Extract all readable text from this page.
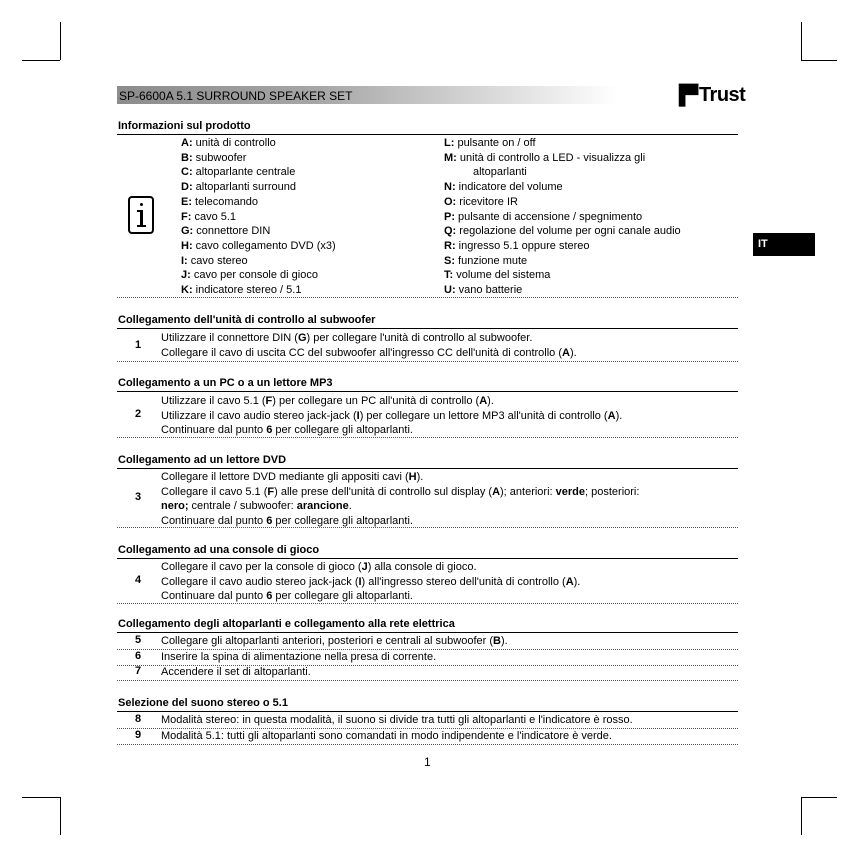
SP-6600A 5.1 SURROUND SPEAKER SET	▐▀Trust
IT
Informazioni sul prodotto
A: unità di controllo
B: subwoofer
C: altoparlante centrale
D: altoparlanti surround
E: telecomando
F: cavo 5.1
G: connettore DIN
H: cavo collegamento DVD (x3)
I: cavo stereo
J: cavo per console di gioco
K: indicatore stereo / 5.1
L: pulsante on / off
M: unità di controllo a LED - visualizza gli
altoparlanti
N: indicatore del volume
O: ricevitore IR
P: pulsante di accensione / spegnimento
Q: regolazione del volume per ogni canale audio
R: ingresso 5.1 oppure stereo
S: funzione mute
T: volume del sistema
U: vano batterie
Collegamento dell'unità di controllo al subwoofer
1
Utilizzare il connettore DIN (G) per collegare l'unità di controllo al subwoofer.
Collegare il cavo di uscita CC del subwoofer all'ingresso CC dell'unità di controllo (A).
Collegamento a un PC o a un lettore MP3
2
Utilizzare il cavo 5.1 (F) per collegare un PC all'unità di controllo (A).
Utilizzare il cavo audio stereo jack-jack (I) per collegare un lettore MP3 all'unità di controllo (A).
Continuare dal punto 6 per collegare gli altoparlanti.
Collegamento ad un lettore DVD
3
Collegare il lettore DVD mediante gli appositi cavi (H).
Collegare il cavo 5.1 (F) alle prese dell'unità di controllo sul display (A); anteriori: verde; posteriori:
nero; centrale / subwoofer: arancione.
Continuare dal punto 6 per collegare gli altoparlanti.
Collegamento ad una console di gioco
4
Collegare il cavo per la console di gioco (J) alla console di gioco.
Collegare il cavo audio stereo jack-jack (I) all'ingresso stereo dell'unità di controllo (A).
Continuare dal punto 6 per collegare gli altoparlanti.
Collegamento degli altoparlanti e collegamento alla rete elettrica
5	Collegare gli altoparlanti anteriori, posteriori e centrali al subwoofer (B).
6	Inserire la spina di alimentazione nella presa di corrente.
7	Accendere il set di altoparlanti.
Selezione del suono stereo o 5.1
8	Modalità stereo: in questa modalità, il suono si divide tra tutti gli altoparlanti e l'indicatore è rosso.
9	Modalità 5.1: tutti gli altoparlanti sono comandati in modo indipendente e l'indicatore è verde.
1
